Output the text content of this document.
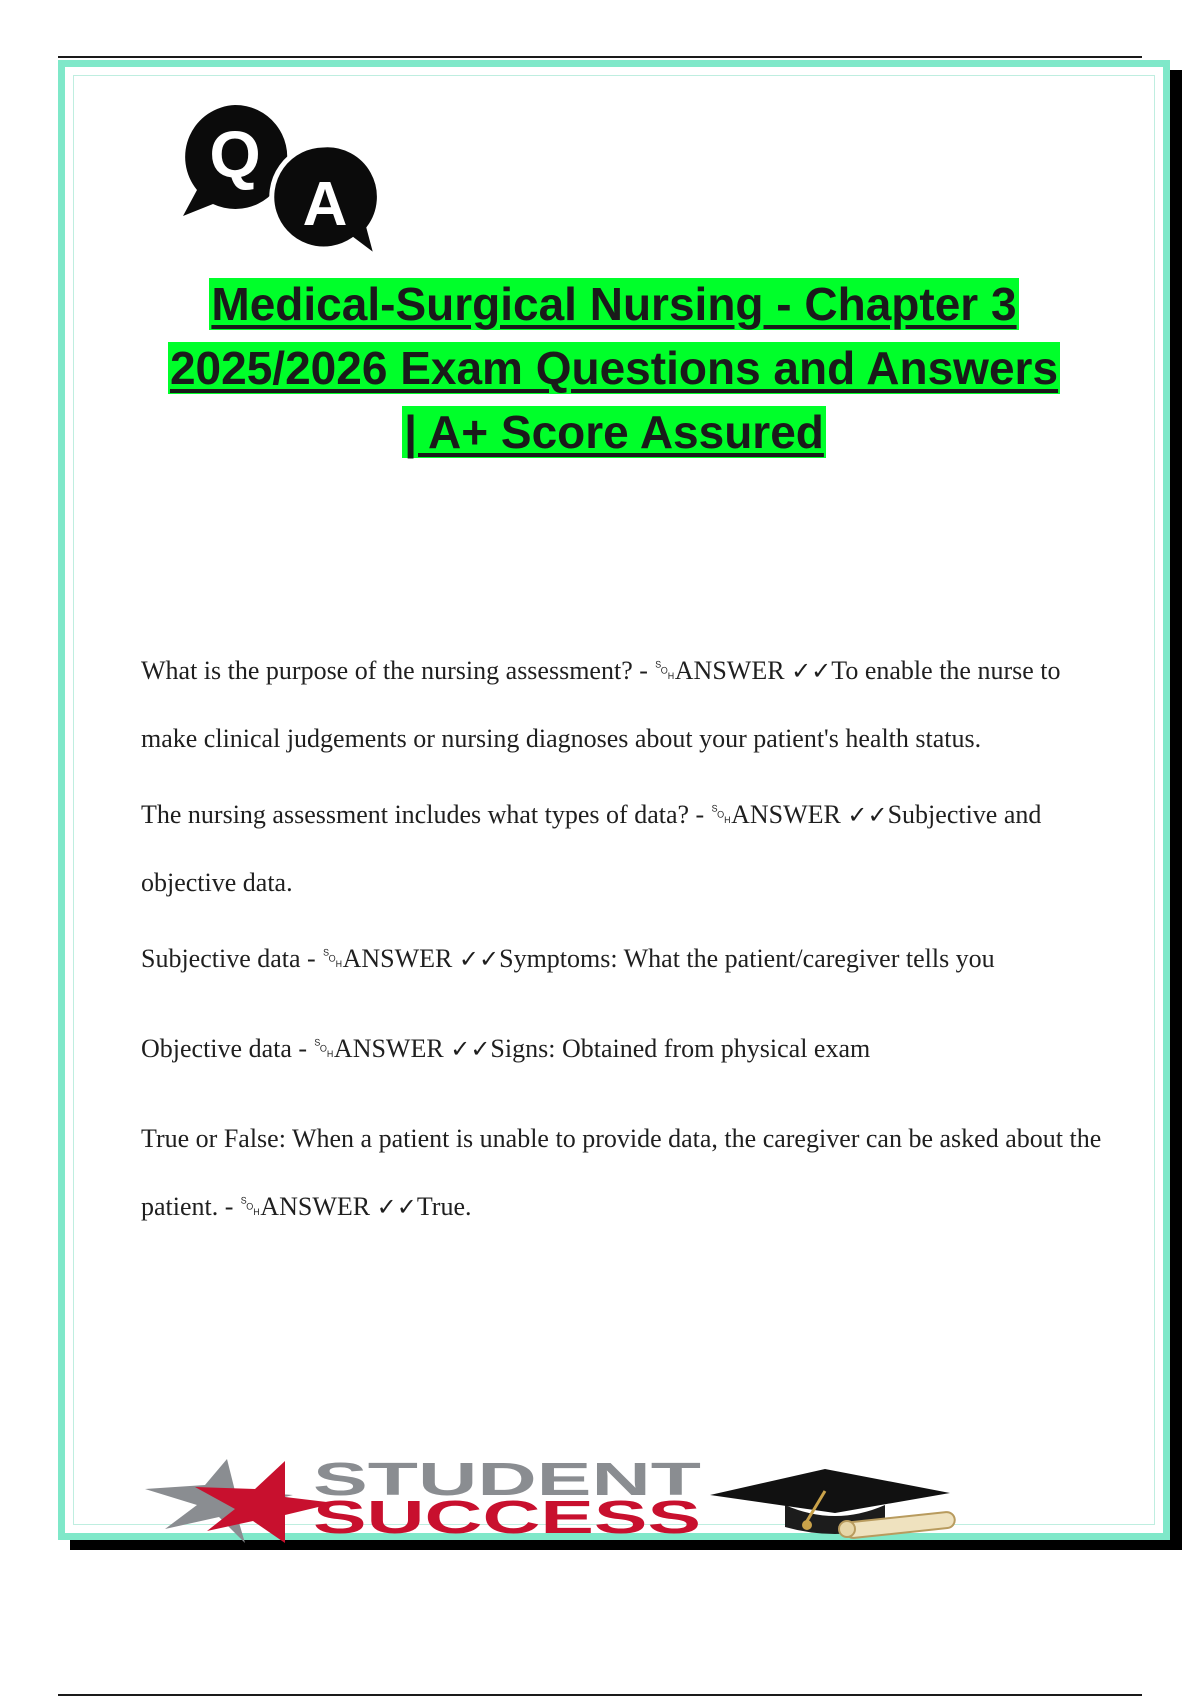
Q
A
Medical-Surgical Nursing - Chapter 3
2025/2026 Exam Questions and Answers
| A+ Score Assured

What is the purpose of the nursing assessment? - ␁ANSWER ✓✓To enable the nurse to make clinical judgements or nursing diagnoses about your patient's health status.

The nursing assessment includes what types of data? - ␁ANSWER ✓✓Subjective and objective data.

Subjective data - ␁ANSWER ✓✓Symptoms: What the patient/caregiver tells you

Objective data - ␁ANSWER ✓✓Signs: Obtained from physical exam

True or False: When a patient is unable to provide data, the caregiver can be asked about the patient. - ␁ANSWER ✓✓True.

STUDENT
SUCCESS
